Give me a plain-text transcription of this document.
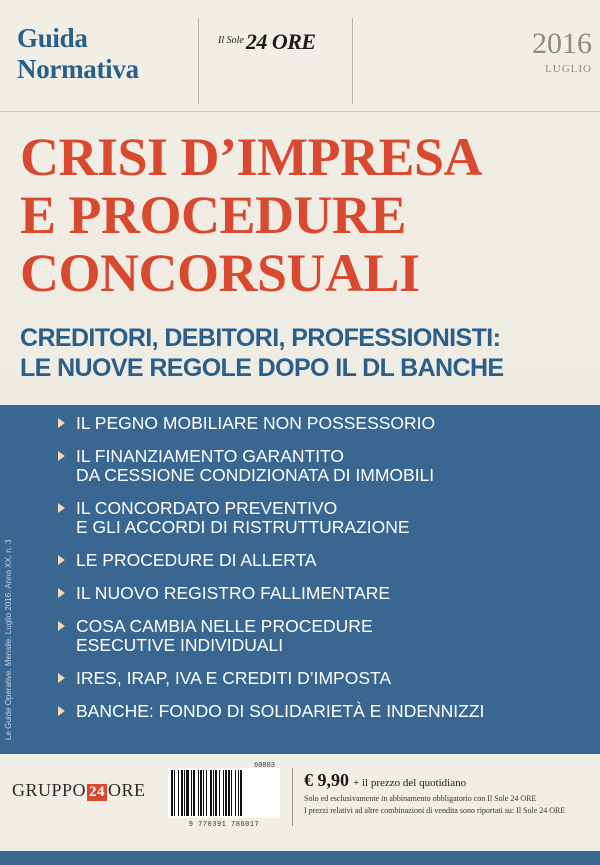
Guida
Normativa
$^{Il Sole}$24 ORE	2016
LUGLIO
CRISI D’IMPRESA
E PROCEDURE
CONCORSUALI
CREDITORI, DEBITORI, PROFESSIONISTI:
LE NUOVE REGOLE DOPO IL DL BANCHE
Le Guide Operative. Mensile. Luglio 2016. Anno XX, n. 3
IL PEGNO MOBILIARE NON POSSESSORIO
IL FINANZIAMENTO GARANTITO
DA CESSIONE CONDIZIONATA DI IMMOBILI
IL CONCORDATO PREVENTIVO
E GLI ACCORDI DI RISTRUTTURAZIONE
LE PROCEDURE DI ALLERTA
IL NUOVO REGISTRO FALLIMENTARE
COSA CAMBIA NELLE PROCEDURE
ESECUTIVE INDIVIDUALI
IRES, IRAP, IVA E CREDITI D’IMPOSTA
BANCHE: FONDO DI SOLIDARIETÀ E INDENNIZZI
GRUPPO 24 ORE
60003
9 770391 786017
€ 9,90 + il prezzo del quotidiano
Solo ed esclusivamente in abbinamento obbligatorio con Il Sole 24 ORE
I prezzi relativi ad altre combinazioni di vendita sono riportati su: Il Sole 24 ORE
